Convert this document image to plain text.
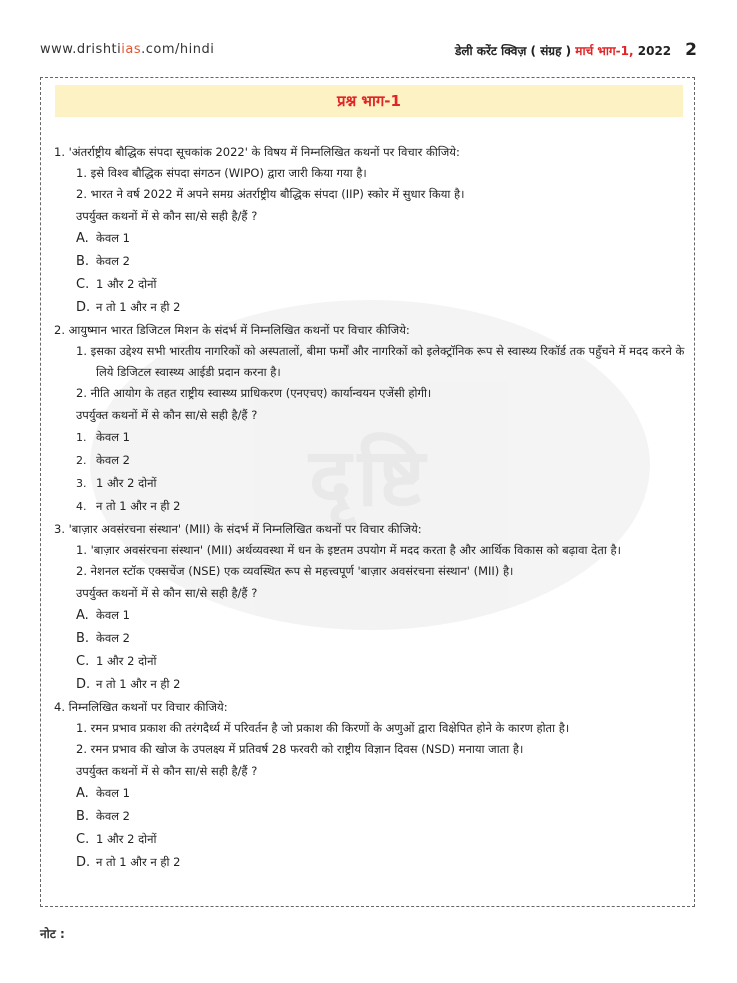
www.drishtiias.com/hindi	डेली करेंट क्विज़ ( संग्रह ) मार्च भाग-1, 2022 2
दृष्टि
प्रश्न भाग-1
1. 'अंतर्राष्ट्रीय बौद्धिक संपदा सूचकांक 2022' के विषय में निम्नलिखित कथनों पर विचार कीजिये:
1. इसे विश्व बौद्धिक संपदा संगठन (WIPO) द्वारा जारी किया गया है।
2. भारत ने वर्ष 2022 में अपने समग्र अंतर्राष्ट्रीय बौद्धिक संपदा (IIP) स्कोर में सुधार किया है।
उपर्युक्त कथनों में से कौन सा/से सही है/हैं ?
A. केवल 1
B. केवल 2
C. 1 और 2 दोनों
D. न तो 1 और न ही 2
2. आयुष्मान भारत डिजिटल मिशन के संदर्भ में निम्नलिखित कथनों पर विचार कीजिये:
1. इसका उद्देश्य सभी भारतीय नागरिकों को अस्पतालों, बीमा फर्मों और नागरिकों को इलेक्ट्रॉनिक रूप से स्वास्थ्य रिकॉर्ड तक पहुँचने में मदद करने के लिये डिजिटल स्वास्थ्य आईडी प्रदान करना है।
2. नीति आयोग के तहत राष्ट्रीय स्वास्थ्य प्राधिकरण (एनएचए) कार्यान्वयन एजेंसी होगी।
उपर्युक्त कथनों में से कौन सा/से सही है/हैं ?
1. केवल 1
2. केवल 2
3. 1 और 2 दोनों
4. न तो 1 और न ही 2
3. 'बाज़ार अवसंरचना संस्थान' (MII) के संदर्भ में निम्नलिखित कथनों पर विचार कीजिये:
1. 'बाज़ार अवसंरचना संस्थान' (MII) अर्थव्यवस्था में धन के इष्टतम उपयोग में मदद करता है और आर्थिक विकास को बढ़ावा देता है।
2. नेशनल स्टॉक एक्सचेंज (NSE) एक व्यवस्थित रूप से महत्त्वपूर्ण 'बाज़ार अवसंरचना संस्थान' (MII) है।
उपर्युक्त कथनों में से कौन सा/से सही है/हैं ?
A. केवल 1
B. केवल 2
C. 1 और 2 दोनों
D. न तो 1 और न ही 2
4. निम्नलिखित कथनों पर विचार कीजिये:
1. रमन प्रभाव प्रकाश की तरंगदैर्ध्य में परिवर्तन है जो प्रकाश की किरणों के अणुओं द्वारा विक्षेपित होने के कारण होता है।
2. रमन प्रभाव की खोज के उपलक्ष्य में प्रतिवर्ष 28 फरवरी को राष्ट्रीय विज्ञान दिवस (NSD) मनाया जाता है।
उपर्युक्त कथनों में से कौन सा/से सही है/हैं ?
A. केवल 1
B. केवल 2
C. 1 और 2 दोनों
D. न तो 1 और न ही 2
नोट :
